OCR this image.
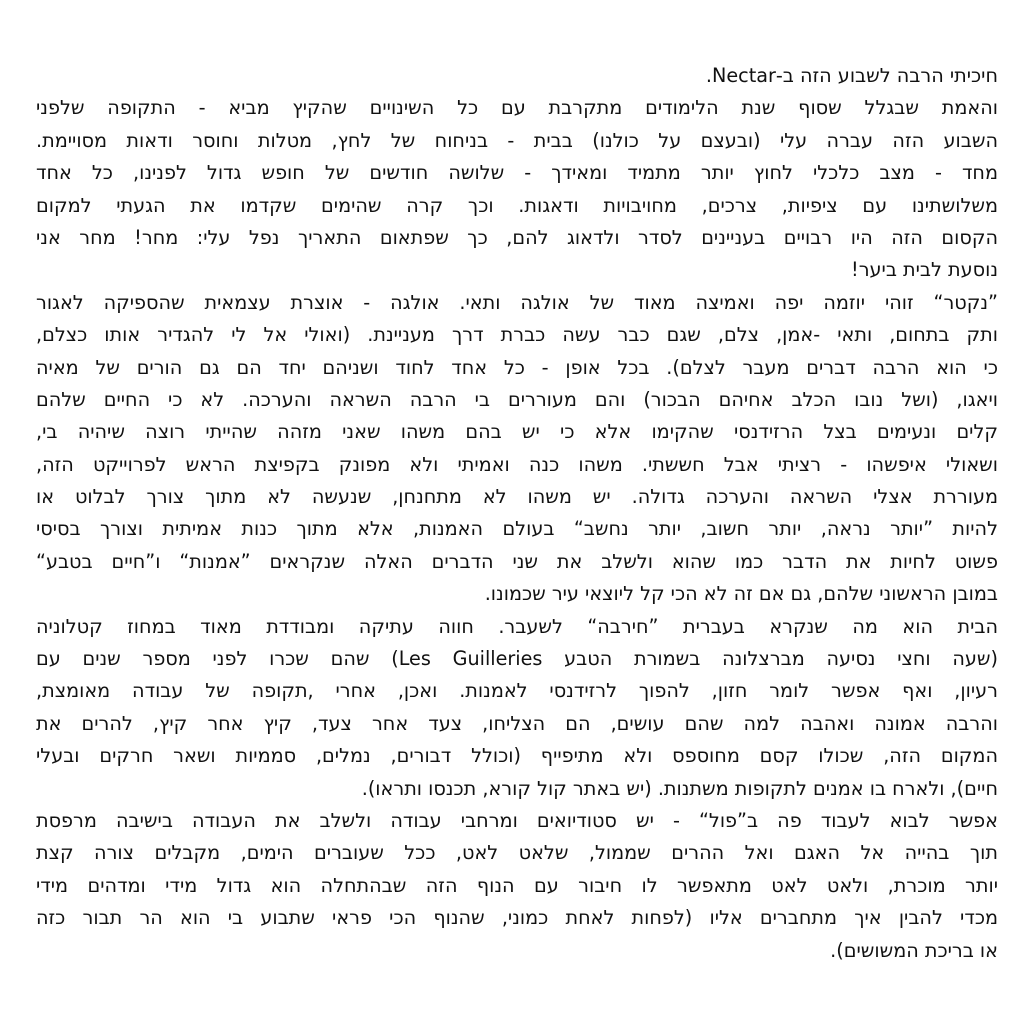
חיכיתי הרבה לשבוע הזה ב-Nectar.
והאמת שבגלל שסוף שנת הלימודים מתקרבת עם כל השינויים שהקיץ מביא - התקופה שלפני
השבוע הזה עברה עלי (ובעצם על כולנו) בבית - בניחוח של לחץ, מטלות וחוסר ודאות מסויימת.
מחד - מצב כלכלי לחוץ יותר מתמיד ומאידך - שלושה חודשים של חופש גדול לפנינו, כל אחד
משלושתינו עם ציפיות, צרכים, מחויבויות ודאגות. וכך קרה שהימים שקדמו את הגעתי למקום
הקסום הזה היו רבויים בעניינים לסדר ולדאוג להם, כך שפתאום התאריך נפל עלי: מחר! מחר אני
נוסעת לבית ביער!
”נקטר“ זוהי יוזמה יפה ואמיצה מאוד של אולגה ותאי. אולגה - אוצרת עצמאית שהספיקה לאגור
ותק בתחום, ותאי -אמן, צלם, שגם כבר עשה כברת דרך מעניינת. (ואולי אל לי להגדיר אותו כצלם,
כי הוא הרבה דברים מעבר לצלם). בכל אופן - כל אחד לחוד ושניהם יחד הם גם הורים של מאיה
ויאגו, (ושל נובו הכלב אחיהם הבכור) והם מעוררים בי הרבה השראה והערכה. לא כי החיים שלהם
קלים ונעימים בצל הרזידנסי שהקימו אלא כי יש בהם משהו שאני מזהה שהייתי רוצה שיהיה בי,
ושאולי איפשהו - רציתי אבל חששתי. משהו כנה ואמיתי ולא מפונק בקפיצת הראש לפרוייקט הזה,
מעוררת אצלי השראה והערכה גדולה. יש משהו לא מתחנחן, שנעשה לא מתוך צורך לבלוט או
להיות ”יותר נראה, יותר חשוב, יותר נחשב“ בעולם האמנות, אלא מתוך כנות אמיתית וצורך בסיסי
פשוט לחיות את הדבר כמו שהוא ולשלב את שני הדברים האלה שנקראים ”אמנות“ ו”חיים בטבע“
במובן הראשוני שלהם, גם אם זה לא הכי קל ליוצאי עיר שכמונו.
הבית הוא מה שנקרא בעברית ”חירבה“ לשעבר. חווה עתיקה ומבודדת מאוד במחוז קטלוניה
(שעה וחצי נסיעה מברצלונה בשמורת הטבע Les Guilleries) שהם שכרו לפני מספר שנים עם
רעיון, ואף אפשר לומר חזון, להפוך לרזידנסי לאמנות. ואכן, אחרי ,תקופה של עבודה מאומצת,
והרבה אמונה ואהבה למה שהם עושים, הם הצליחו, צעד אחר צעד, קיץ אחר קיץ, להרים את
המקום הזה, שכולו קסם מחוספס ולא מתיפייף (וכולל דבורים, נמלים, סממיות ושאר חרקים ובעלי
חיים), ולארח בו אמנים לתקופות משתנות. (יש באתר קול קורא, תכנסו ותראו).
אפשר לבוא לעבוד פה ב”פול“ - יש סטודיואים ומרחבי עבודה ולשלב את העבודה בישיבה מרפסת
תוך בהייה אל האגם ואל ההרים שממול, שלאט לאט, ככל שעוברים הימים, מקבלים צורה קצת
יותר מוכרת, ולאט לאט מתאפשר לו חיבור עם הנוף הזה שבהתחלה הוא גדול מידי ומדהים מידי
מכדי להבין איך מתחברים אליו (לפחות לאחת כמוני, שהנוף הכי פראי שתבוע בי הוא הר תבור כזה
או בריכת המשושים).
